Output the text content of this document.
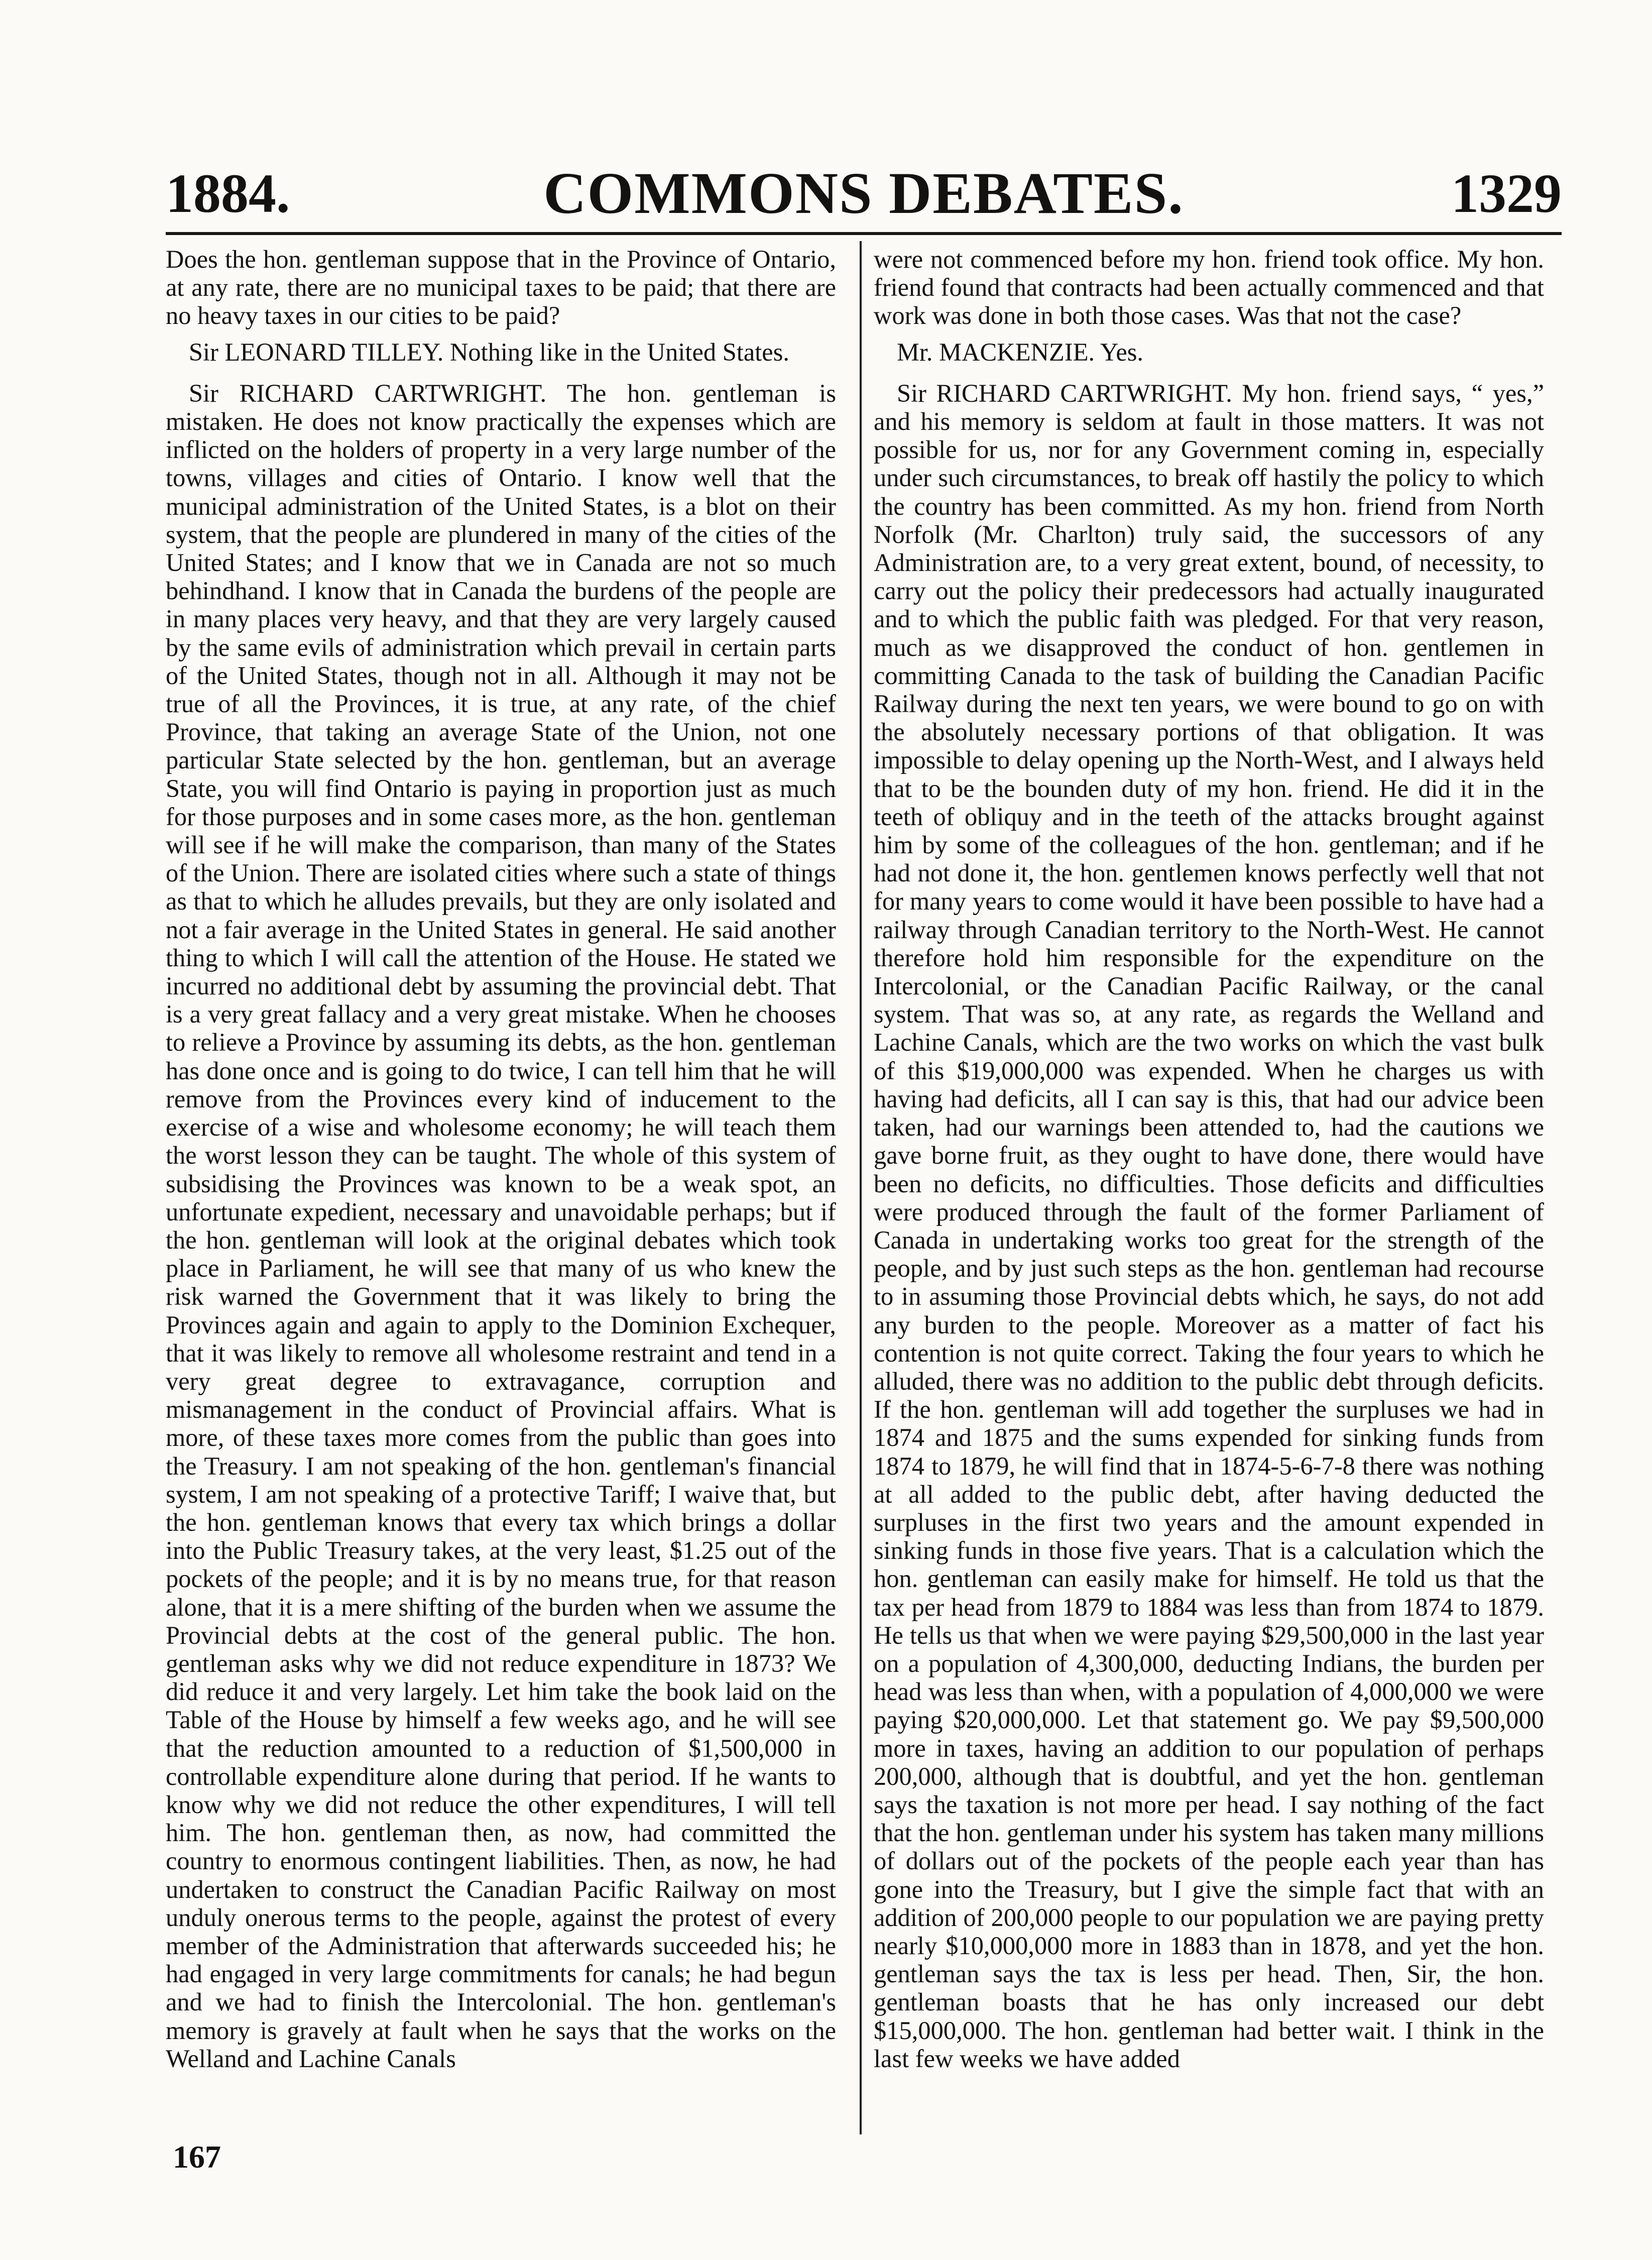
COMMONS DEBATES.
1884.	1329

Does the hon. gentleman suppose that in the Province of Ontario, at any rate, there are no municipal taxes to be paid; that there are no heavy taxes in our cities to be paid?

Sir LEONARD TILLEY. Nothing like in the United States.

Sir RICHARD CARTWRIGHT. The hon. gentleman is mistaken. He does not know practically the expenses which are inflicted on the holders of property in a very large number of the towns, villages and cities of Ontario. I know well that the municipal administration of the United States, is a blot on their system, that the people are plundered in many of the cities of the United States; and I know that we in Canada are not so much behindhand. I know that in Canada the burdens of the people are in many places very heavy, and that they are very largely caused by the same evils of administration which prevail in certain parts of the United States, though not in all. Although it may not be true of all the Provinces, it is true, at any rate, of the chief Province, that taking an average State of the Union, not one particular State selected by the hon. gentleman, but an average State, you will find Ontario is paying in proportion just as much for those purposes and in some cases more, as the hon. gentleman will see if he will make the comparison, than many of the States of the Union. There are isolated cities where such a state of things as that to which he alludes prevails, but they are only isolated and not a fair average in the United States in general. He said another thing to which I will call the attention of the House. He stated we incurred no additional debt by assuming the provincial debt. That is a very great fallacy and a very great mistake. When he chooses to relieve a Province by assuming its debts, as the hon. gentleman has done once and is going to do twice, I can tell him that he will remove from the Provinces every kind of inducement to the exercise of a wise and wholesome economy; he will teach them the worst lesson they can be taught. The whole of this system of subsidising the Provinces was known to be a weak spot, an unfortunate expedient, necessary and unavoidable perhaps; but if the hon. gentleman will look at the original debates which took place in Parliament, he will see that many of us who knew the risk warned the Government that it was likely to bring the Provinces again and again to apply to the Dominion Exchequer, that it was likely to remove all wholesome restraint and tend in a very great degree to extravagance, corruption and mismanagement in the conduct of Provincial affairs. What is more, of these taxes more comes from the public than goes into the Treasury. I am not speaking of the hon. gentleman's financial system, I am not speaking of a protective Tariff; I waive that, but the hon. gentleman knows that every tax which brings a dollar into the Public Treasury takes, at the very least, $1.25 out of the pockets of the people; and it is by no means true, for that reason alone, that it is a mere shifting of the burden when we assume the Provincial debts at the cost of the general public. The hon. gentleman asks why we did not reduce expenditure in 1873? We did reduce it and very largely. Let him take the book laid on the Table of the House by himself a few weeks ago, and he will see that the reduction amounted to a reduction of $1,500,000 in controllable expenditure alone during that period. If he wants to know why we did not reduce the other expenditures, I will tell him. The hon. gentleman then, as now, had committed the country to enormous contingent liabilities. Then, as now, he had undertaken to construct the Canadian Pacific Railway on most unduly onerous terms to the people, against the protest of every member of the Administration that afterwards succeeded his; he had engaged in very large commitments for canals; he had begun and we had to finish the Intercolonial. The hon. gentleman's memory is gravely at fault when he says that the works on the Welland and Lachine Canals

were not commenced before my hon. friend took office. My hon. friend found that contracts had been actually commenced and that work was done in both those cases. Was that not the case?

Mr. MACKENZIE. Yes.

Sir RICHARD CARTWRIGHT. My hon. friend says, “ yes,” and his memory is seldom at fault in those matters. It was not possible for us, nor for any Government coming in, especially under such circumstances, to break off hastily the policy to which the country has been committed. As my hon. friend from North Norfolk (Mr. Charlton) truly said, the successors of any Administration are, to a very great extent, bound, of necessity, to carry out the policy their predecessors had actually inaugurated and to which the public faith was pledged. For that very reason, much as we disapproved the conduct of hon. gentlemen in committing Canada to the task of building the Canadian Pacific Railway during the next ten years, we were bound to go on with the absolutely necessary portions of that obligation. It was impossible to delay opening up the North-West, and I always held that to be the bounden duty of my hon. friend. He did it in the teeth of obliquy and in the teeth of the attacks brought against him by some of the colleagues of the hon. gentleman; and if he had not done it, the hon. gentlemen knows perfectly well that not for many years to come would it have been possible to have had a railway through Canadian territory to the North-West. He cannot therefore hold him responsible for the expenditure on the Intercolonial, or the Canadian Pacific Railway, or the canal system. That was so, at any rate, as regards the Welland and Lachine Canals, which are the two works on which the vast bulk of this $19,000,000 was expended. When he charges us with having had deficits, all I can say is this, that had our advice been taken, had our warnings been attended to, had the cautions we gave borne fruit, as they ought to have done, there would have been no deficits, no difficulties. Those deficits and difficulties were produced through the fault of the former Parliament of Canada in undertaking works too great for the strength of the people, and by just such steps as the hon. gentleman had recourse to in assuming those Provincial debts which, he says, do not add any burden to the people. Moreover as a matter of fact his contention is not quite correct. Taking the four years to which he alluded, there was no addition to the public debt through deficits. If the hon. gentleman will add together the surpluses we had in 1874 and 1875 and the sums expended for sinking funds from 1874 to 1879, he will find that in 1874-5-6-7-8 there was nothing at all added to the public debt, after having deducted the surpluses in the first two years and the amount expended in sinking funds in those five years. That is a calculation which the hon. gentleman can easily make for himself. He told us that the tax per head from 1879 to 1884 was less than from 1874 to 1879. He tells us that when we were paying $29,500,000 in the last year on a population of 4,300,000, deducting Indians, the burden per head was less than when, with a population of 4,000,000 we were paying $20,000,000. Let that statement go. We pay $9,500,000 more in taxes, having an addition to our population of perhaps 200,000, although that is doubtful, and yet the hon. gentleman says the taxation is not more per head. I say nothing of the fact that the hon. gentleman under his system has taken many millions of dollars out of the pockets of the people each year than has gone into the Treasury, but I give the simple fact that with an addition of 200,000 people to our population we are paying pretty nearly $10,000,000 more in 1883 than in 1878, and yet the hon. gentleman says the tax is less per head. Then, Sir, the hon. gentleman boasts that he has only increased our debt $15,000,000. The hon. gentleman had better wait. I think in the last few weeks we have added

167
